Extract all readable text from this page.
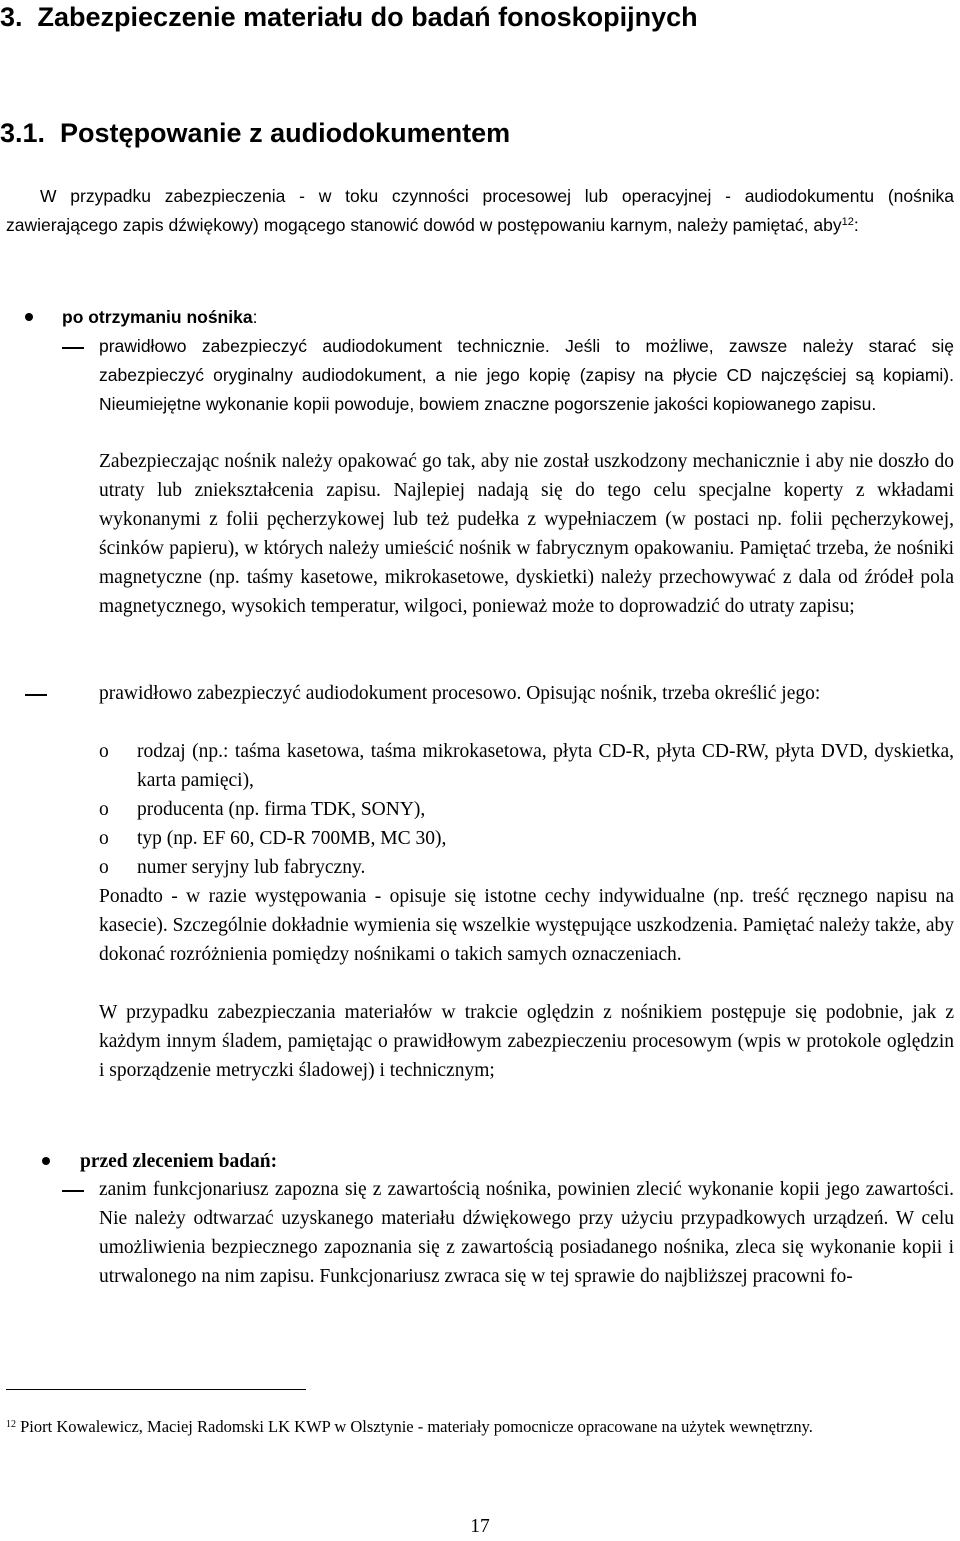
3.  Zabezpieczenie materiału do badań fonoskopijnych
3.1.  Postępowanie z audiodokumentem

W przypadku zabezpieczenia - w toku czynności procesowej lub operacyjnej - audiodokumentu (nośnika zawierającego zapis dźwiękowy) mogącego stanowić dowód w postępowaniu karnym, należy pamiętać, aby$^{12}$:

po otrzymaniu nośnika:

prawidłowo zabezpieczyć audiodokument technicznie. Jeśli to możliwe, zawsze należy starać się zabezpieczyć oryginalny audiodokument, a nie jego kopię (zapisy na płycie CD najczęściej są kopiami). Nieumiejętne wykonanie kopii powoduje, bowiem znaczne pogorszenie jakości kopiowanego zapisu.

Zabezpieczając nośnik należy opakować go tak, aby nie został uszkodzony mechanicznie i aby nie doszło do utraty lub zniekształcenia zapisu. Najlepiej nadają się do tego celu specjalne koperty z wkładami wykonanymi z folii pęcherzykowej lub też pudełka z wypełniaczem (w postaci np. folii pęcherzykowej, ścinków papieru), w których należy umieścić nośnik w fabrycznym opakowaniu. Pamiętać trzeba, że nośniki magnetyczne (np. taśmy kasetowe, mikrokasetowe, dyskietki) należy przechowywać z dala od źródeł pola magnetycznego, wysokich temperatur, wilgoci, ponieważ może to doprowadzić do utraty zapisu;

prawidłowo zabezpieczyć audiodokument procesowo. Opisując nośnik, trzeba określić jego:

o rodzaj (np.: taśma kasetowa, taśma mikrokasetowa, płyta CD-R, płyta CD-RW, płyta DVD, dyskietka, karta pamięci),

o producenta (np. firma TDK, SONY),

o typ (np. EF 60, CD-R 700MB, MC 30),

o numer seryjny lub fabryczny.

Ponadto - w razie występowania - opisuje się istotne cechy indywidualne (np. treść ręcznego napisu na kasecie). Szczególnie dokładnie wymienia się wszelkie występujące uszkodzenia. Pamiętać należy także, aby dokonać rozróżnienia pomiędzy nośnikami o takich samych oznaczeniach.

W przypadku zabezpieczania materiałów w trakcie oględzin z nośnikiem postępuje się podobnie, jak z każdym innym śladem, pamiętając o prawidłowym zabezpieczeniu procesowym (wpis w protokole oględzin i sporządzenie metryczki śladowej) i technicznym;

przed zleceniem badań:

zanim funkcjonariusz zapozna się z zawartością nośnika, powinien zlecić wykonanie kopii jego zawartości. Nie należy odtwarzać uzyskanego materiału dźwiękowego przy użyciu przypadkowych urządzeń. W celu umożliwienia bezpiecznego zapoznania się z zawartością posiadanego nośnika, zleca się wykonanie kopii i utrwalonego na nim zapisu. Funkcjonariusz zwraca się w tej sprawie do najbliższej pracowni fo-

$^{12}$ Piort Kowalewicz, Maciej Radomski LK KWP w Olsztynie - materiały pomocnicze opracowane na użytek wewnętrzny.

17
